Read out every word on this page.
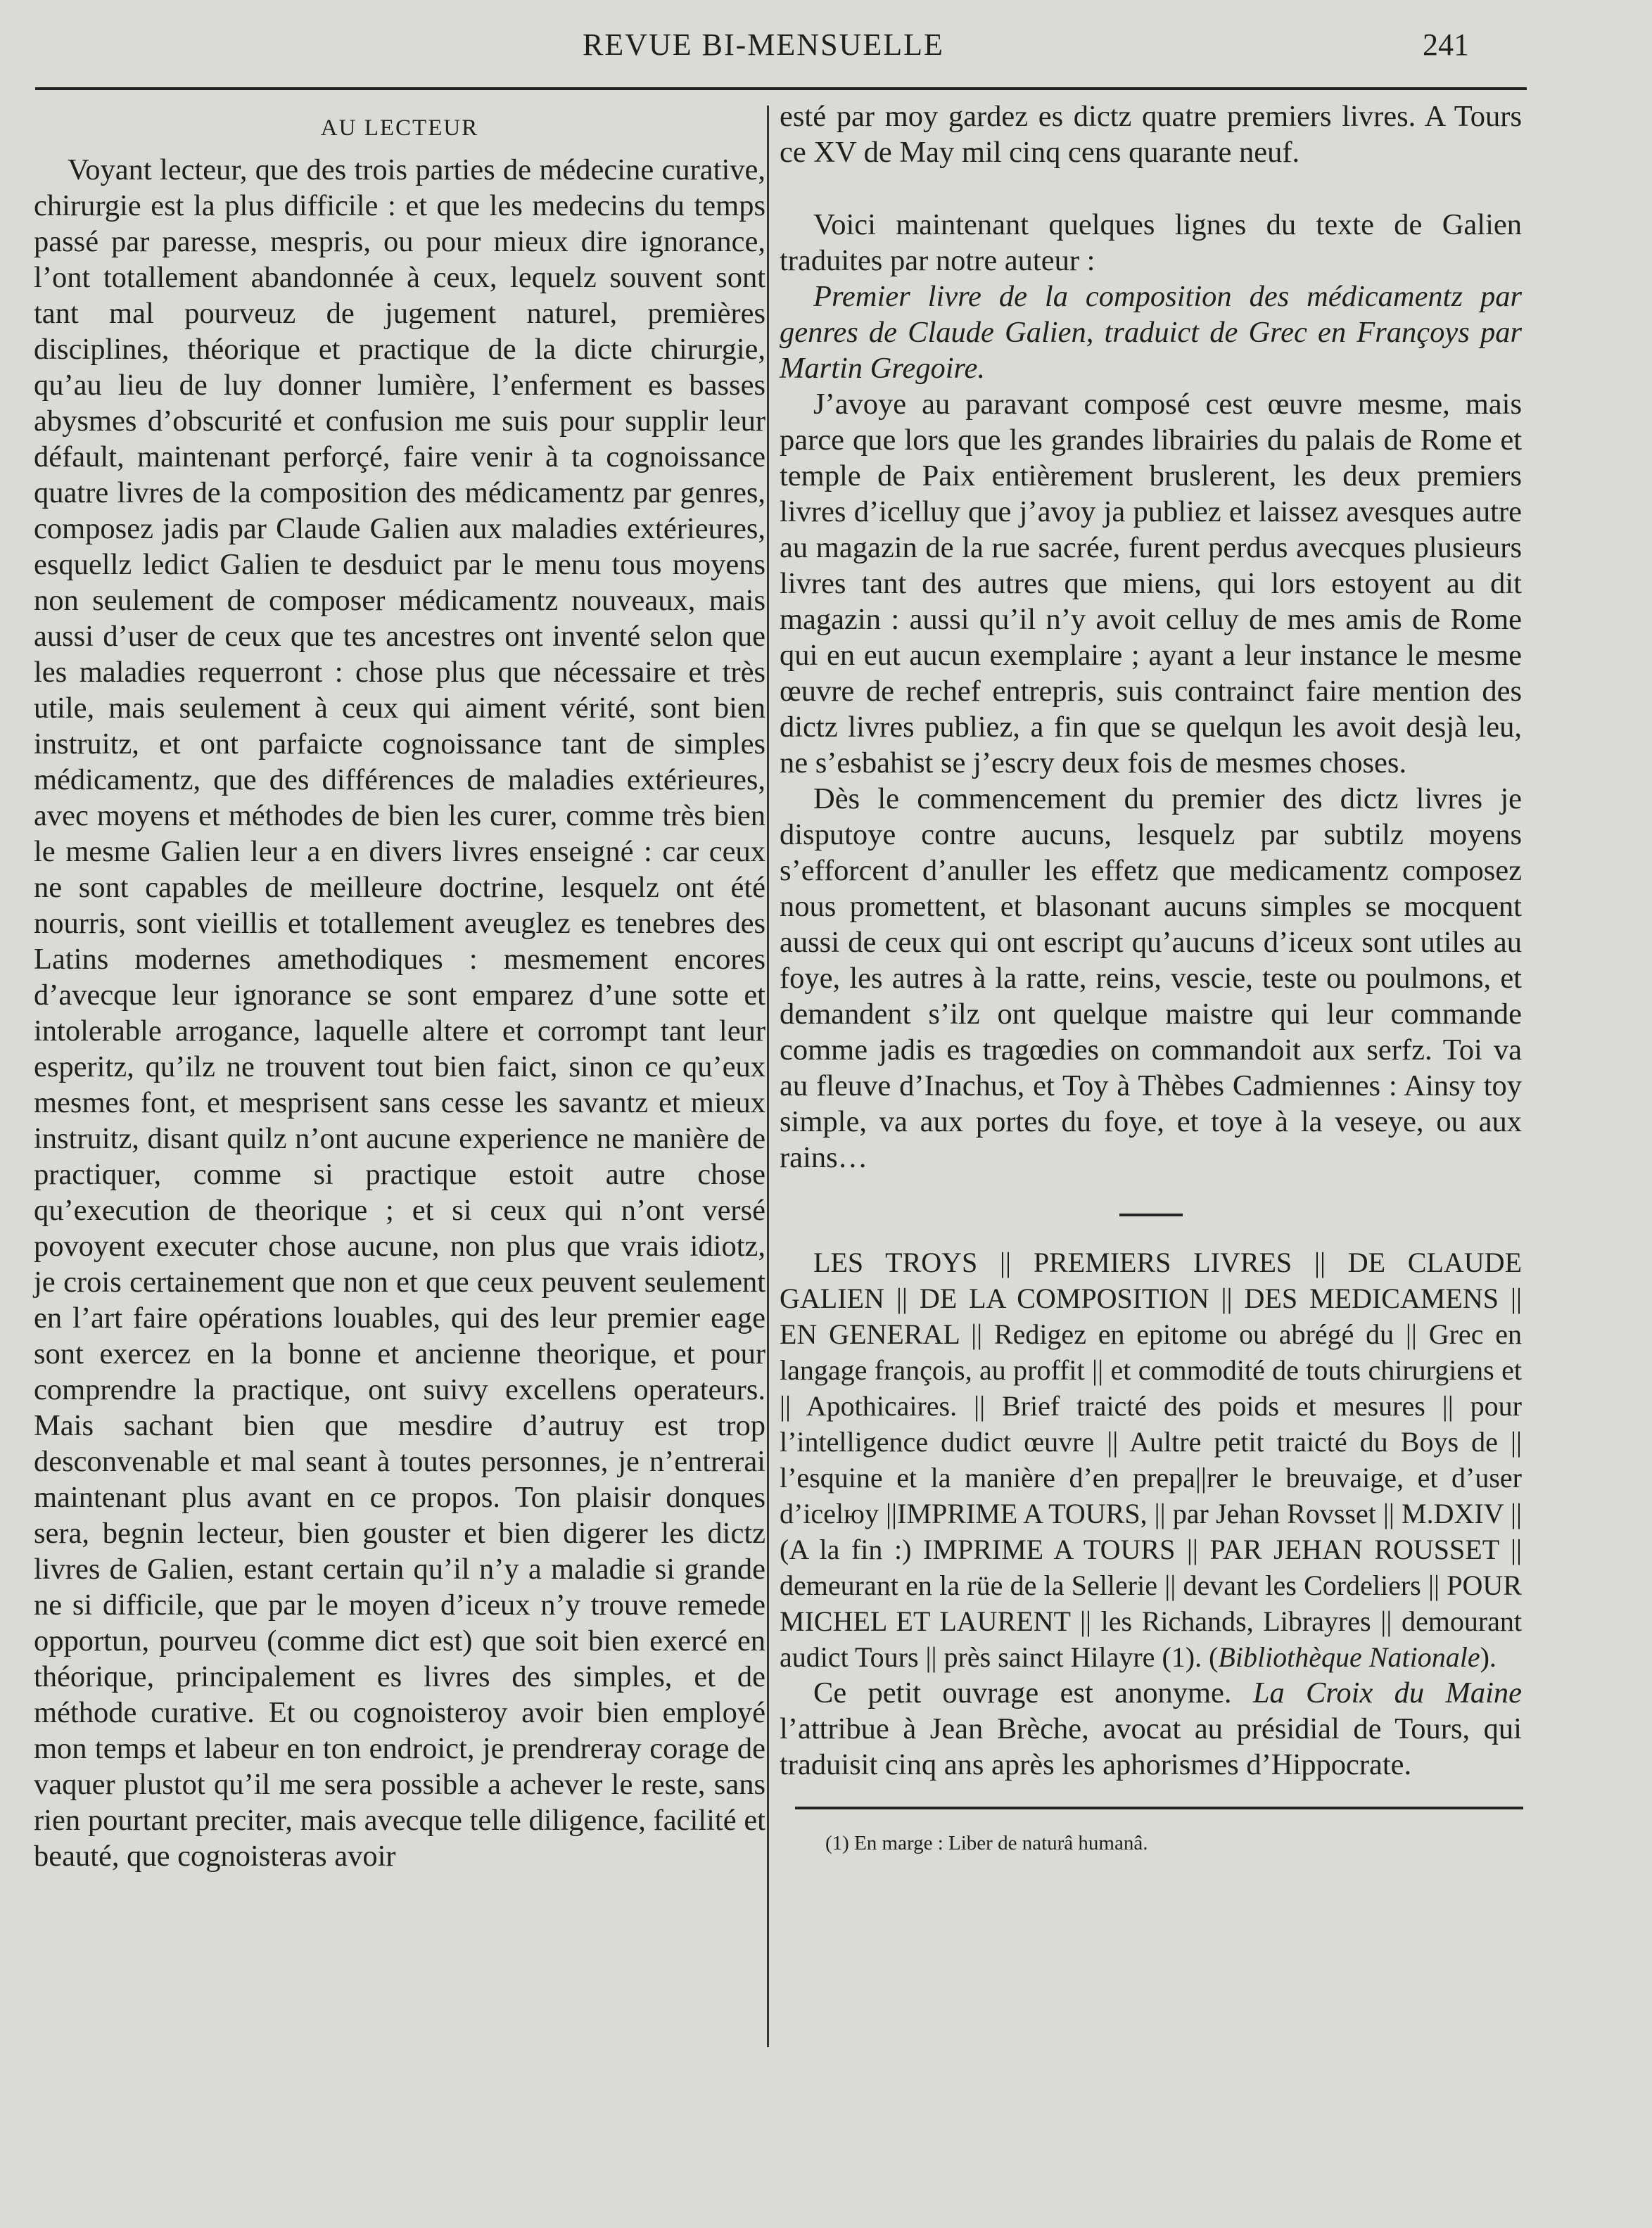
REVUE BI-MENSUELLE	241
AU LECTEUR

Voyant lecteur, que des trois parties de médecine curative, chirurgie est la plus difficile : et que les medecins du temps passé par paresse, mespris, ou pour mieux dire ignorance, l’ont totallement abandonnée à ceux, lequelz souvent sont tant mal pourveuz de jugement naturel, premières disciplines, théorique et practique de la dicte chirurgie, qu’au lieu de luy donner lumière, l’enferment es basses abysmes d’obscurité et confusion me suis pour supplir leur défault, maintenant perforçé, faire venir à ta cognoissance quatre livres de la composition des médicamentz par genres, composez jadis par Claude Galien aux maladies extérieures, esquellz ledict Galien te desduict par le menu tous moyens non seulement de composer médicamentz nouveaux, mais aussi d’user de ceux que tes ancestres ont inventé selon que les maladies requerront : chose plus que nécessaire et très utile, mais seulement à ceux qui aiment vérité, sont bien instruitz, et ont parfaicte cognoissance tant de simples médicamentz, que des différences de maladies extérieures, avec moyens et méthodes de bien les curer, comme très bien le mesme Galien leur a en divers livres enseigné : car ceux ne sont capables de meilleure doctrine, lesquelz ont été nourris, sont vieillis et totallement aveuglez es tenebres des Latins modernes amethodiques : mesmement encores d’avecque leur ignorance se sont emparez d’une sotte et intolerable arrogance, laquelle altere et corrompt tant leur esperitz, qu’ilz ne trouvent tout bien faict, sinon ce qu’eux mesmes font, et mesprisent sans cesse les savantz et mieux instruitz, disant quilz n’ont aucune experience ne manière de practiquer, comme si practique estoit autre chose qu’execution de theorique ; et si ceux qui n’ont versé povoyent executer chose aucune, non plus que vrais idiotz, je crois certainement que non et que ceux peuvent seulement en l’art faire opérations louables, qui des leur premier eage sont exercez en la bonne et ancienne theorique, et pour comprendre la practique, ont suivy excellens operateurs. Mais sachant bien que mesdire d’autruy est trop desconvenable et mal seant à toutes personnes, je n’entrerai maintenant plus avant en ce propos. Ton plaisir donques sera, begnin lecteur, bien gouster et bien digerer les dictz livres de Galien, estant certain qu’il n’y a maladie si grande ne si difficile, que par le moyen d’iceux n’y trouve remede opportun, pourveu (comme dict est) que soit bien exercé en théorique, principalement es livres des simples, et de méthode curative. Et ou cognoisteroy avoir bien employé mon temps et labeur en ton endroict, je prendreray corage de vaquer plustot qu’il me sera possible a achever le reste, sans rien pourtant preciter, mais avecque telle diligence, facilité et beauté, que cognoisteras avoir

esté par moy gardez es dictz quatre premiers livres. A Tours ce XV de May mil cinq cens quarante neuf.

Voici maintenant quelques lignes du texte de Galien traduites par notre auteur :

Premier livre de la composition des médicamentz par genres de Claude Galien, traduict de Grec en Françoys par Martin Gregoire.

J’avoye au paravant composé cest œuvre mesme, mais parce que lors que les grandes librairies du palais de Rome et temple de Paix entièrement bruslerent, les deux premiers livres d’icelluy que j’avoy ja publiez et laissez avesques autre au magazin de la rue sacrée, furent perdus avecques plusieurs livres tant des autres que miens, qui lors estoyent au dit magazin : aussi qu’il n’y avoit celluy de mes amis de Rome qui en eut aucun exemplaire ; ayant a leur instance le mesme œuvre de rechef entrepris, suis contrainct faire mention des dictz livres publiez, a fin que se quelqun les avoit desjà leu, ne s’esbahist se j’escry deux fois de mesmes choses.

Dès le commencement du premier des dictz livres je disputoye contre aucuns, lesquelz par subtilz moyens s’efforcent d’anuller les effetz que medicamentz composez nous promettent, et blasonant aucuns simples se mocquent aussi de ceux qui ont escript qu’aucuns d’iceux sont utiles au foye, les autres à la ratte, reins, vescie, teste ou poulmons, et demandent s’ilz ont quelque maistre qui leur commande comme jadis es tragœdies on commandoit aux serfz. Toi va au fleuve d’Inachus, et Toy à Thèbes Cadmiennes : Ainsy toy simple, va aux portes du foye, et toye à la veseye, ou aux rains…

LES TROYS || PREMIERS LIVRES || DE CLAUDE GALIEN || DE LA COMPOSITION || DES MEDICAMENS || EN GENERAL || Redigez en epitome ou abrégé du || Grec en langage françois, au proffit || et commodité de touts chirurgiens et || Apothicaires. || Brief traicté des poids et mesures || pour l’intelligence dudict œuvre || Aultre petit traicté du Boys de || l’esquine et la manière d’en prepa||rer le breuvaige, et d’user d’icelюy ||IMPRIME A TOURS, || par Jehan Rovsset || M.DXIV || (A la fin :) IMPRIME A TOURS || PAR JEHAN ROUSSET || demeurant en la rüe de la Sellerie || devant les Cordeliers || POUR MICHEL ET LAURENT || les Richands, Librayres || demourant audict Tours || près sainct Hilayre (1). (Bibliothèque Nationale).

Ce petit ouvrage est anonyme. La Croix du Maine l’attribue à Jean Brèche, avocat au présidial de Tours, qui traduisit cinq ans après les aphorismes d’Hippocrate.

(1) En marge : Liber de naturâ humanâ.
